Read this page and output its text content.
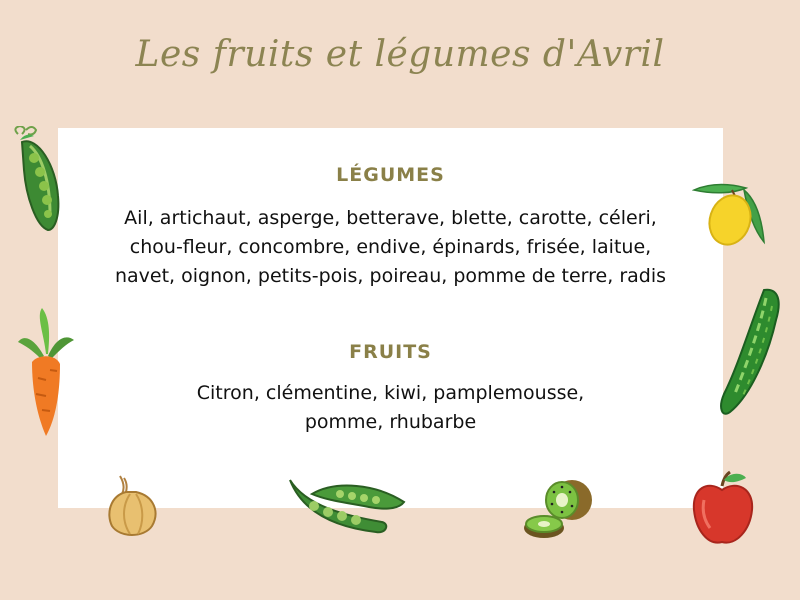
Les fruits et légumes d'Avril
LÉGUMES
Ail, artichaut, asperge, betterave, blette, carotte, céleri,
chou-fleur, concombre, endive, épinards, frisée, laitue,
navet, oignon, petits-pois, poireau, pomme de terre, radis
FRUITS
Citron, clémentine, kiwi, pamplemousse,
pomme, rhubarbe
